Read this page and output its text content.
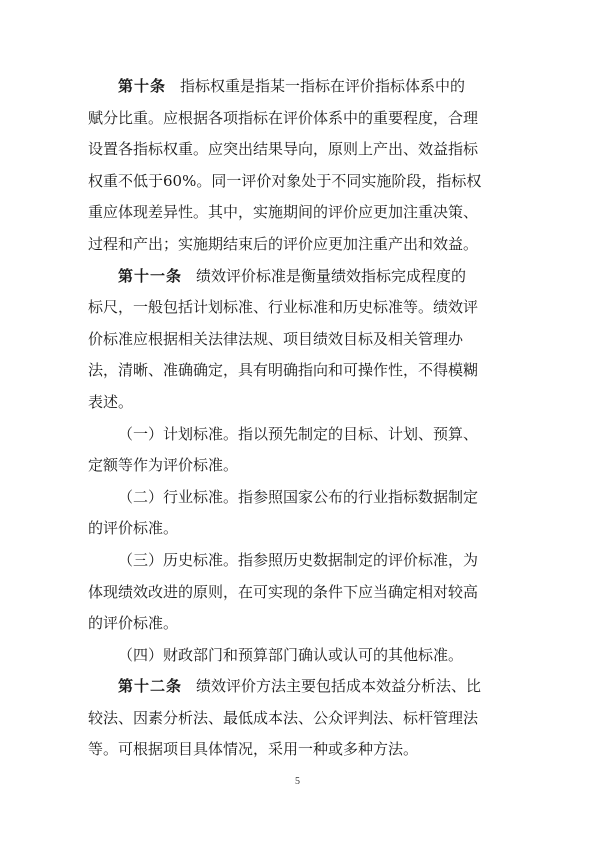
第十条 指标权重是指某一指标在评价指标体系中的
赋分比重。应根据各项指标在评价体系中的重要程度，合理
设置各指标权重。应突出结果导向，原则上产出、效益指标
权重不低于60%。同一评价对象处于不同实施阶段，指标权
重应体现差异性。其中，实施期间的评价应更加注重决策、
过程和产出；实施期结束后的评价应更加注重产出和效益。
第十一条 绩效评价标准是衡量绩效指标完成程度的
标尺，一般包括计划标准、行业标准和历史标准等。绩效评
价标准应根据相关法律法规、项目绩效目标及相关管理办
法，清晰、准确确定，具有明确指向和可操作性，不得模糊
表述。
（一）计划标准。指以预先制定的目标、计划、预算、
定额等作为评价标准。
（二）行业标准。指参照国家公布的行业指标数据制定
的评价标准。
（三）历史标准。指参照历史数据制定的评价标准，为
体现绩效改进的原则，在可实现的条件下应当确定相对较高
的评价标准。
（四）财政部门和预算部门确认或认可的其他标准。
第十二条 绩效评价方法主要包括成本效益分析法、比
较法、因素分析法、最低成本法、公众评判法、标杆管理法
等。可根据项目具体情况，采用一种或多种方法。
5
